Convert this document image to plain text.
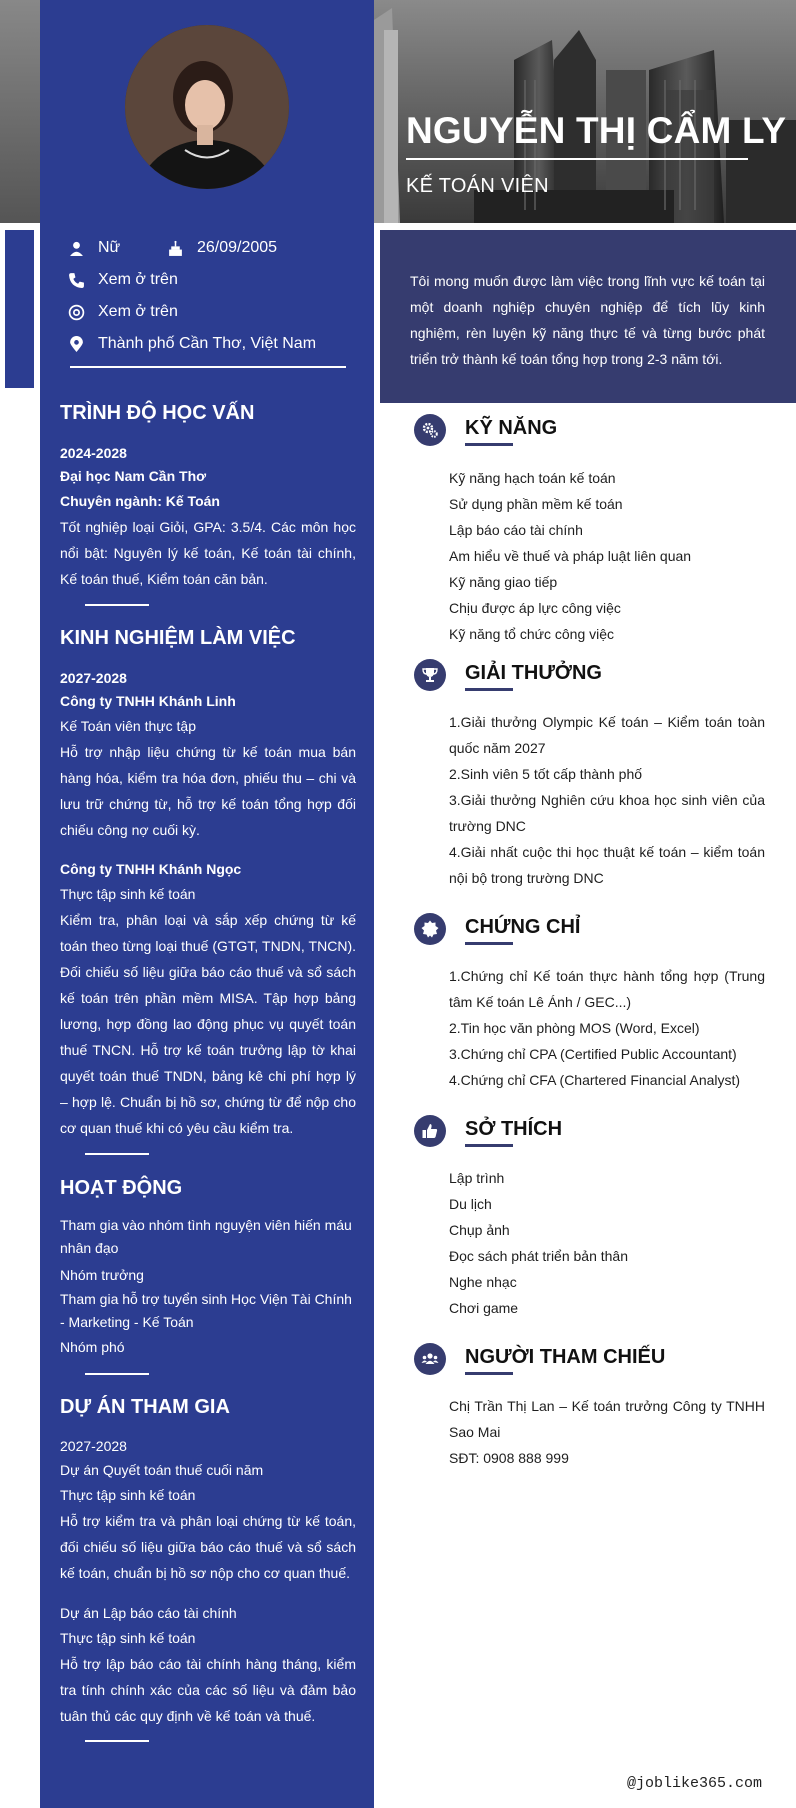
NGUYỄN THỊ CẨM LY
KẾ TOÁN VIÊN
Nữ	26/09/2005
Xem ở trên
Xem ở trên
Thành phố Cần Thơ, Việt Nam
TRÌNH ĐỘ HỌC VẤN
2024-2028
Đại học Nam Cần Thơ
Chuyên ngành: Kế Toán
Tốt nghiệp loại Giỏi, GPA: 3.5/4. Các môn học nổi bật: Nguyên lý kế toán, Kế toán tài chính, Kế toán thuế, Kiểm toán căn bản.
KINH NGHIỆM LÀM VIỆC
2027-2028
Công ty TNHH Khánh Linh
Kế Toán viên thực tập
Hỗ trợ nhập liệu chứng từ kế toán mua bán hàng hóa, kiểm tra hóa đơn, phiếu thu – chi và lưu trữ chứng từ, hỗ trợ kế toán tổng hợp đối chiếu công nợ cuối kỳ.
Công ty TNHH Khánh Ngọc
Thực tập sinh kế toán
Kiểm tra, phân loại và sắp xếp chứng từ kế toán theo từng loại thuế (GTGT, TNDN, TNCN). Đối chiếu số liệu giữa báo cáo thuế và sổ sách kế toán trên phần mềm MISA. Tập hợp bảng lương, hợp đồng lao động phục vụ quyết toán thuế TNCN. Hỗ trợ kế toán trưởng lập tờ khai quyết toán thuế TNDN, bảng kê chi phí hợp lý – hợp lệ. Chuẩn bị hồ sơ, chứng từ để nộp cho cơ quan thuế khi có yêu cầu kiểm tra.
HOẠT ĐỘNG
Tham gia vào nhóm tình nguyện viên hiến máu nhân đạo
Nhóm trưởng
Tham gia hỗ trợ tuyển sinh Học Viện Tài Chính - Marketing - Kế Toán
Nhóm phó
DỰ ÁN THAM GIA
2027-2028
Dự án Quyết toán thuế cuối năm
Thực tập sinh kế toán
Hỗ trợ kiểm tra và phân loại chứng từ kế toán, đối chiếu số liệu giữa báo cáo thuế và sổ sách kế toán, chuẩn bị hồ sơ nộp cho cơ quan thuế.
Dự án Lập báo cáo tài chính
Thực tập sinh kế toán
Hỗ trợ lập báo cáo tài chính hàng tháng, kiểm tra tính chính xác của các số liệu và đảm bảo tuân thủ các quy định về kế toán và thuế.
Tôi mong muốn được làm việc trong lĩnh vực kế toán tại một doanh nghiệp chuyên nghiệp để tích lũy kinh nghiệm, rèn luyện kỹ năng thực tế và từng bước phát triển trở thành kế toán tổng hợp trong 2-3 năm tới.
KỸ NĂNG
Kỹ năng hạch toán kế toán
Sử dụng phần mềm kế toán
Lập báo cáo tài chính
Am hiểu về thuế và pháp luật liên quan
Kỹ năng giao tiếp
Chịu được áp lực công việc
Kỹ năng tổ chức công việc
GIẢI THƯỞNG
1.Giải thưởng Olympic Kế toán – Kiểm toán toàn quốc năm 2027
2.Sinh viên 5 tốt cấp thành phố
3.Giải thưởng Nghiên cứu khoa học sinh viên của trường DNC
4.Giải nhất cuộc thi học thuật kế toán – kiểm toán nội bộ trong trường DNC
CHỨNG CHỈ
1.Chứng chỉ Kế toán thực hành tổng hợp (Trung tâm Kế toán Lê Ánh / GEC...)
2.Tin học văn phòng MOS (Word, Excel)
3.Chứng chỉ CPA (Certified Public Accountant)
4.Chứng chỉ CFA (Chartered Financial Analyst)
SỞ THÍCH
Lập trình
Du lịch
Chụp ảnh
Đọc sách phát triển bản thân
Nghe nhạc
Chơi game
NGƯỜI THAM CHIẾU
Chị Trần Thị Lan – Kế toán trưởng Công ty TNHH Sao Mai
SĐT: 0908 888 999
@joblike365.com
